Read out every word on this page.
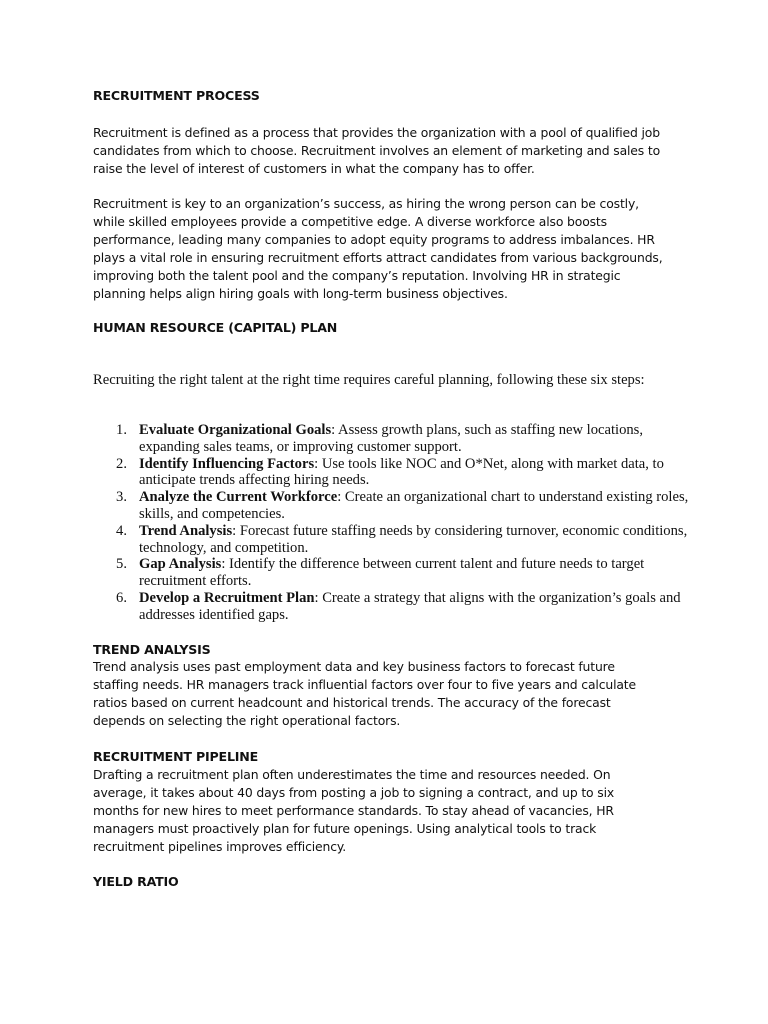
RECRUITMENT PROCESS

Recruitment is defined as a process that provides the organization with a pool of qualified job candidates from which to choose. Recruitment involves an element of marketing and sales to raise the level of interest of customers in what the company has to offer.

Recruitment is key to an organization’s success, as hiring the wrong person can be costly, while skilled employees provide a competitive edge. A diverse workforce also boosts performance, leading many companies to adopt equity programs to address imbalances. HR plays a vital role in ensuring recruitment efforts attract candidates from various backgrounds, improving both the talent pool and the company’s reputation. Involving HR in strategic planning helps align hiring goals with long-term business objectives.

HUMAN RESOURCE (CAPITAL) PLAN

Recruiting the right talent at the right time requires careful planning, following these six steps:

1. Evaluate Organizational Goals: Assess growth plans, such as staffing new locations, expanding sales teams, or improving customer support.
2. Identify Influencing Factors: Use tools like NOC and O*Net, along with market data, to anticipate trends affecting hiring needs.
3. Analyze the Current Workforce: Create an organizational chart to understand existing roles, skills, and competencies.
4. Trend Analysis: Forecast future staffing needs by considering turnover, economic conditions, technology, and competition.
5. Gap Analysis: Identify the difference between current talent and future needs to target recruitment efforts.
6. Develop a Recruitment Plan: Create a strategy that aligns with the organization’s goals and addresses identified gaps.
TREND ANALYSIS

Trend analysis uses past employment data and key business factors to forecast future staffing needs. HR managers track influential factors over four to five years and calculate ratios based on current headcount and historical trends. The accuracy of the forecast depends on selecting the right operational factors.

RECRUITMENT PIPELINE

Drafting a recruitment plan often underestimates the time and resources needed. On average, it takes about 40 days from posting a job to signing a contract, and up to six months for new hires to meet performance standards. To stay ahead of vacancies, HR managers must proactively plan for future openings. Using analytical tools to track recruitment pipelines improves efficiency.

YIELD RATIO
